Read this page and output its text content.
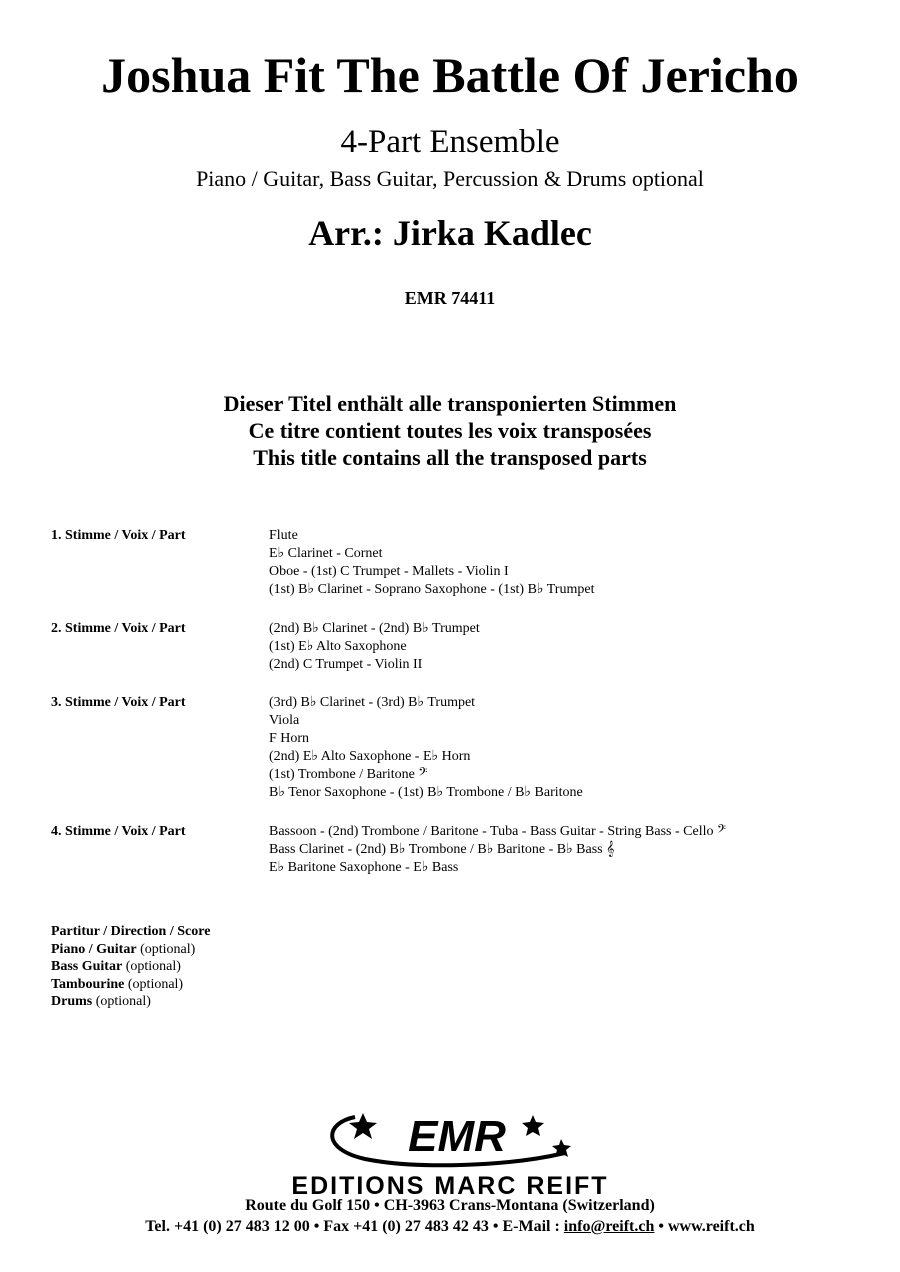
Joshua Fit The Battle Of Jericho
4-Part Ensemble
Piano / Guitar, Bass Guitar, Percussion & Drums optional
Arr.: Jirka Kadlec
EMR 74411
Dieser Titel enthält alle transponierten Stimmen
Ce titre contient toutes les voix transposées
This title contains all the transposed parts
1. Stimme / Voix / Part	Flute
E♭ Clarinet - Cornet
Oboe - (1st) C Trumpet - Mallets - Violin I
(1st) B♭ Clarinet - Soprano Saxophone - (1st) B♭ Trumpet
2. Stimme / Voix / Part	(2nd) B♭ Clarinet - (2nd) B♭ Trumpet
(1st) E♭ Alto Saxophone
(2nd) C Trumpet - Violin II
3. Stimme / Voix / Part	(3rd) B♭ Clarinet - (3rd) B♭ Trumpet
Viola
F Horn
(2nd) E♭ Alto Saxophone - E♭ Horn
(1st) Trombone / Baritone 𝄢
B♭ Tenor Saxophone - (1st) B♭ Trombone / B♭ Baritone
4. Stimme / Voix / Part	Bassoon - (2nd) Trombone / Baritone - Tuba - Bass Guitar - String Bass - Cello 𝄢
Bass Clarinet - (2nd) B♭ Trombone / B♭ Baritone - B♭ Bass 𝄞
E♭ Baritone Saxophone - E♭ Bass
Partitur / Direction / Score
Piano / Guitar (optional)
Bass Guitar (optional)
Tambourine (optional)
Drums (optional)
EMR
EDITIONS MARC REIFT
Route du Golf 150 • CH-3963 Crans-Montana (Switzerland)
Tel. +41 (0) 27 483 12 00 • Fax +41 (0) 27 483 42 43 • E-Mail : info@reift.ch • www.reift.ch
